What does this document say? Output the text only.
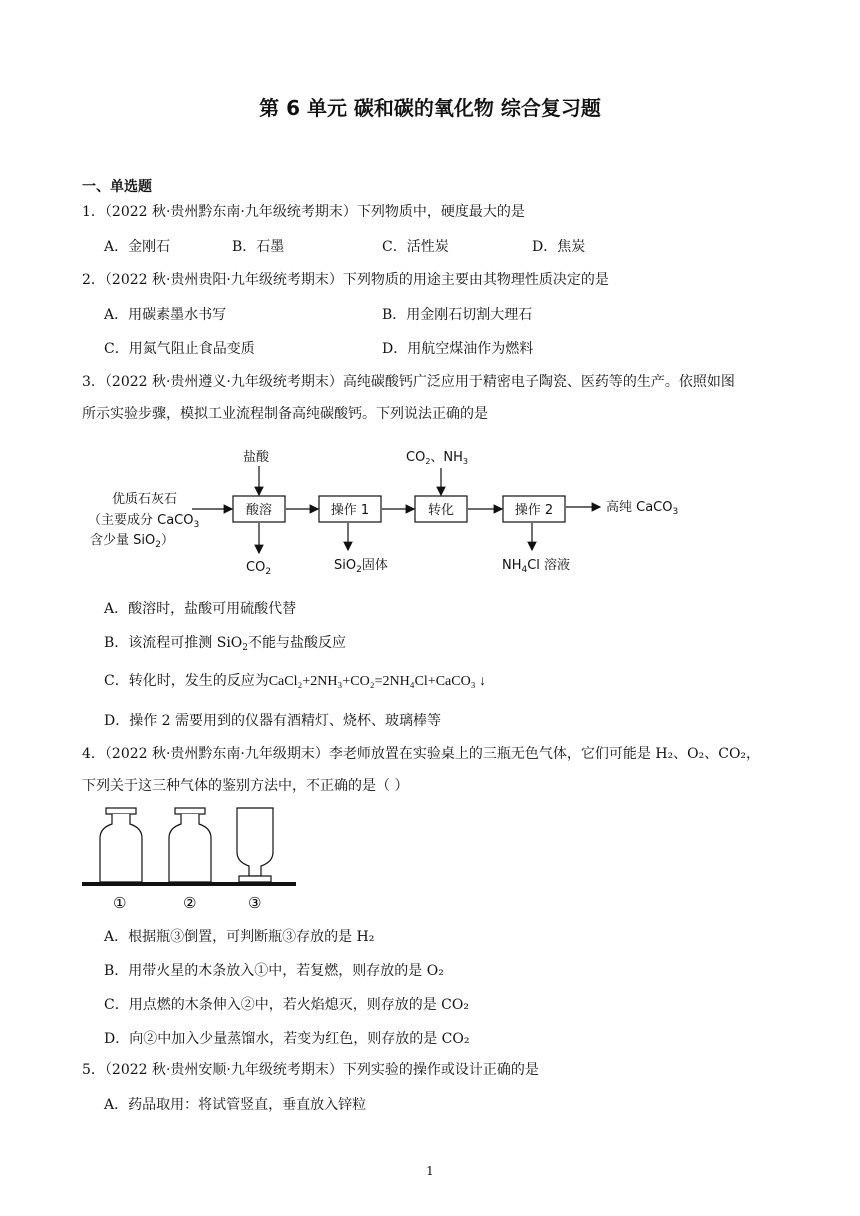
第 6 单元 碳和碳的氧化物 综合复习题
一、单选题
1．（2022 秋·贵州黔东南·九年级统考期末）下列物质中，硬度最大的是
A．金刚石	B．石墨	C．活性炭	D．焦炭
2．（2022 秋·贵州贵阳·九年级统考期末）下列物质的用途主要由其物理性质决定的是
A．用碳素墨水书写	B．用金刚石切割大理石
C．用氮气阻止食品变质	D．用航空煤油作为燃料
3．（2022 秋·贵州遵义·九年级统考期末）高纯碳酸钙广泛应用于精密电子陶瓷、医药等的生产。依照如图
所示实验步骤，模拟工业流程制备高纯碳酸钙。下列说法正确的是
优质石灰石
（主要成分 CaCO$_3$
含少量 SiO$_2$）
酸溶
盐酸
$CO_2$
操作 1
SiO$_2$固体
转化
$CO_2$、$NH_3$
操作 2
$NH_4Cl$ 溶液
高纯 CaCO$_3$
A．酸溶时，盐酸可用硫酸代替
B．该流程可推测 SiO$_2$不能与盐酸反应
C．转化时，发生的反应为CaCl₂+2NH₃+CO₂=2NH₄Cl+CaCO₃ ↓
D．操作 2 需要用到的仪器有酒精灯、烧杯、玻璃棒等
4．（2022 秋·贵州黔东南·九年级期末）李老师放置在实验桌上的三瓶无色气体，它们可能是 H₂、O₂、CO₂，
下列关于这三种气体的鉴别方法中，不正确的是（ ）
①	②	③
A．根据瓶③倒置，可判断瓶③存放的是 H₂
B．用带火星的木条放入①中，若复燃，则存放的是 O₂
C．用点燃的木条伸入②中，若火焰熄灭，则存放的是 CO₂
D．向②中加入少量蒸馏水，若变为红色，则存放的是 CO₂
5．（2022 秋·贵州安顺·九年级统考期末）下列实验的操作或设计正确的是
A．药品取用：将试管竖直，垂直放入锌粒
1
